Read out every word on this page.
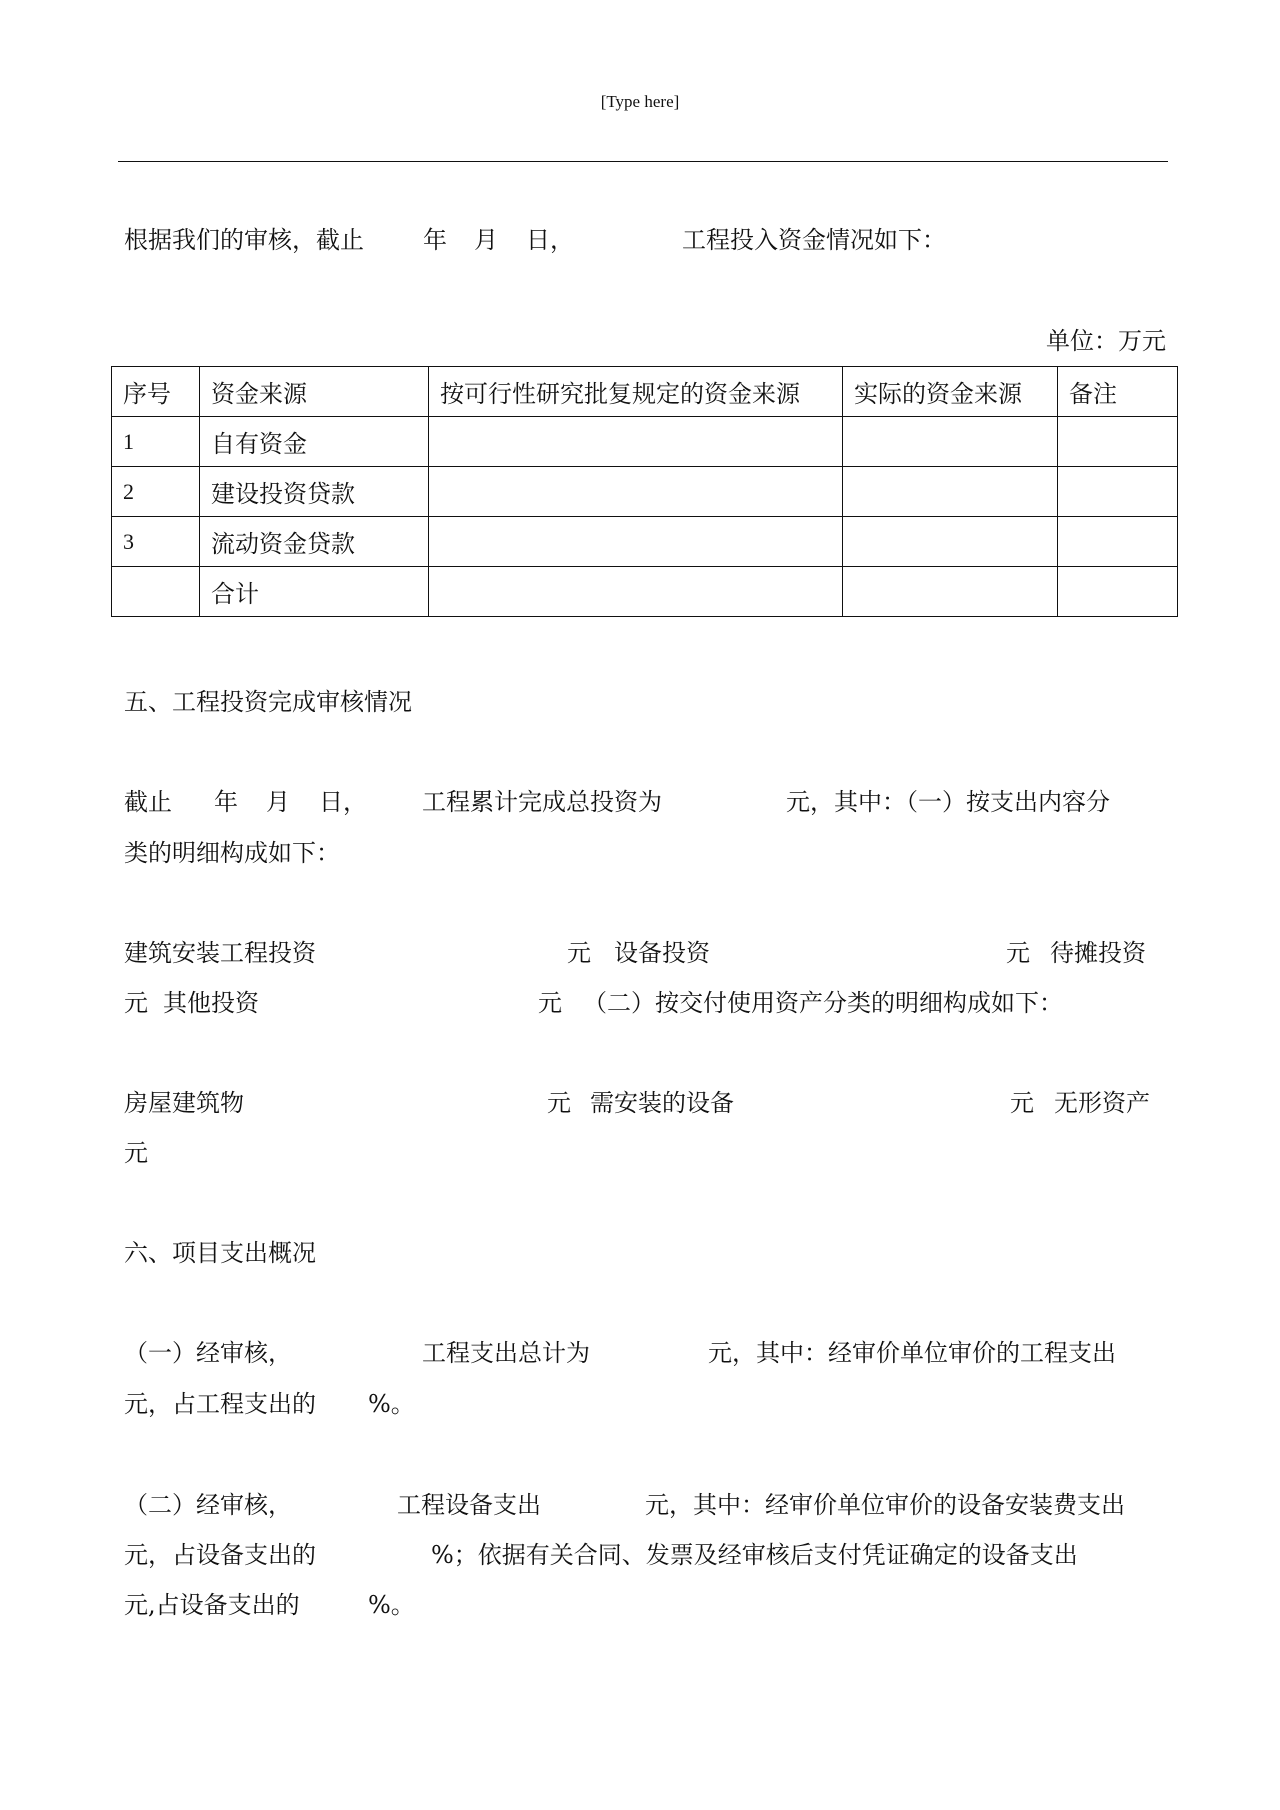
[Type here]
根据我们的审核，截止 年 月 日，	工程投入资金情况如下：
单位：万元
序号	资金来源	按可行性研究批复规定的资金来源	实际的资金来源	备注
1	自有资金			
2	建设投资贷款			
3	流动资金贷款			
	合计			
五、工程投资完成审核情况
截止 年 月 日， 工程累计完成总投资为	元，其中：（一）按支出内容分
类的明细构成如下：
建筑安装工程投资	元 设备投资	元 待摊投资
元 其他投资	元 （二）按交付使用资产分类的明细构成如下：
房屋建筑物	元 需安装的设备	元 无形资产
元
六、项目支出概况
（一）经审核，	工程支出总计为	元，其中：经审价单位审价的工程支出
元，占工程支出的 %。
（二）经审核，	工程设备支出	元，其中：经审价单位审价的设备安装费支出
元，占设备支出的	%；依据有关合同、发票及经审核后支付凭证确定的设备支出
元,占设备支出的	%。
